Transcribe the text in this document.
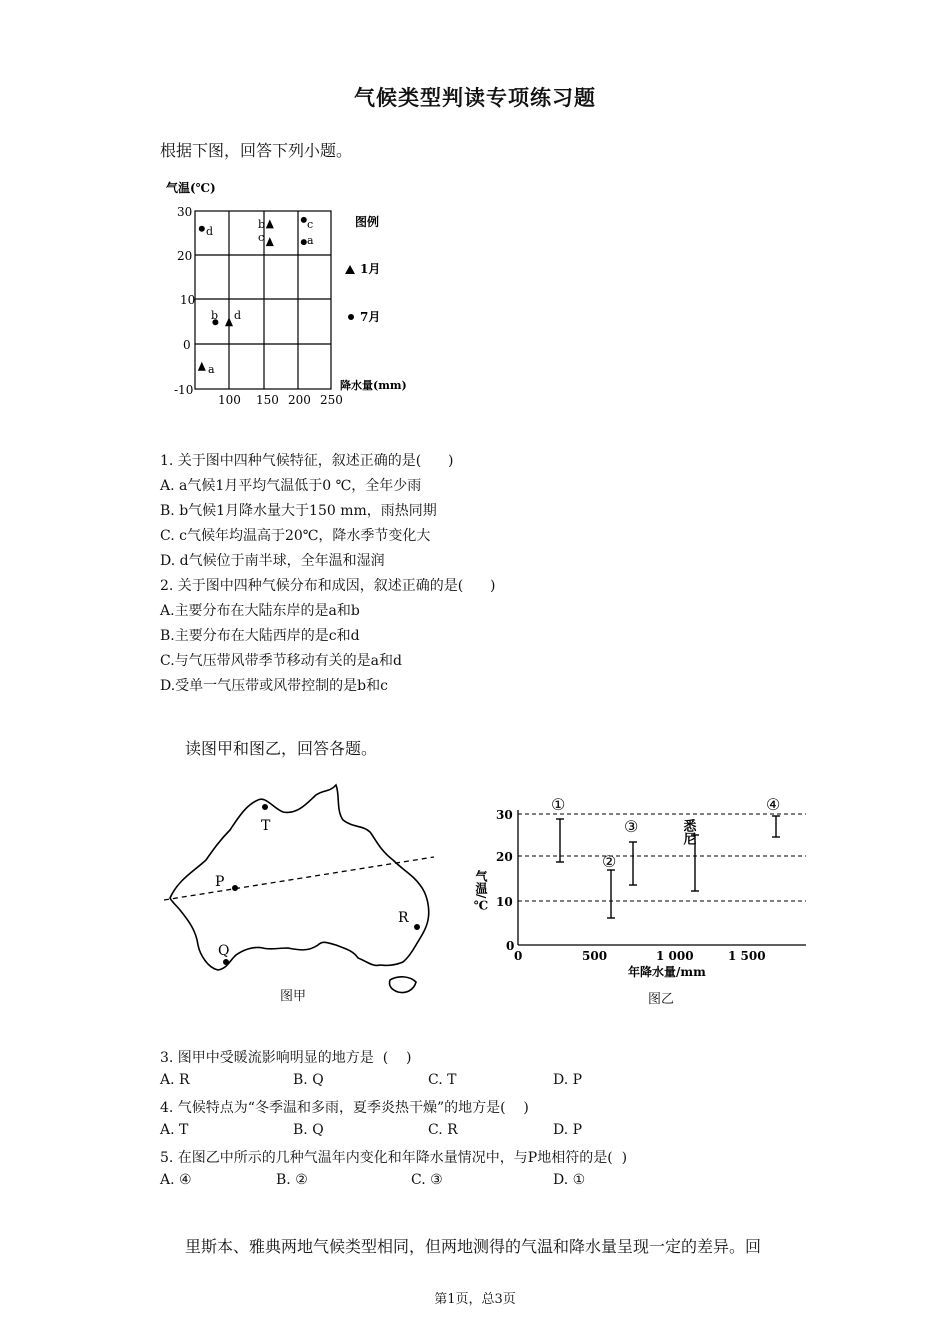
气候类型判读专项练习题
根据下图，回答下列小题。
气温(℃)
30
20
10
0
-10
100 150 200 250
降水量(mm)
图例
1月
7月
a
b
b
c
c
a
d
d
1. 关于图中四种气候特征，叙述正确的是(      )
A. a气候1月平均气温低于0 ℃，全年少雨
B. b气候1月降水量大于150 mm，雨热同期
C. c气候年均温高于20℃，降水季节变化大
D. d气候位于南半球，全年温和湿润
2. 关于图中四种气候分布和成因，叙述正确的是(      )
A.主要分布在大陆东岸的是a和b
B.主要分布在大陆西岸的是c和d
C.与气压带风带季节移动有关的是a和d
D.受单一气压带或风带控制的是b和c
读图甲和图乙，回答各题。
T
P
Q
R
图甲
30
20
10
0
0	500	1 000	1 500
年降水量/mm
气温/℃
①
②
③
④
悉尼
图乙
3. 图甲中受暖流影响明显的地方是  (    )
A. R	B. Q	C. T	D. P
4. 气候特点为“冬季温和多雨，夏季炎热干燥”的地方是(    )
A. T	B. Q	C. R	D. P
5. 在图乙中所示的几种气温年内变化和年降水量情况中，与P地相符的是(  )
A. ④	B. ②	C. ③	D. ①
里斯本、雅典两地气候类型相同，但两地测得的气温和降水量呈现一定的差异。回
第1页，总3页
